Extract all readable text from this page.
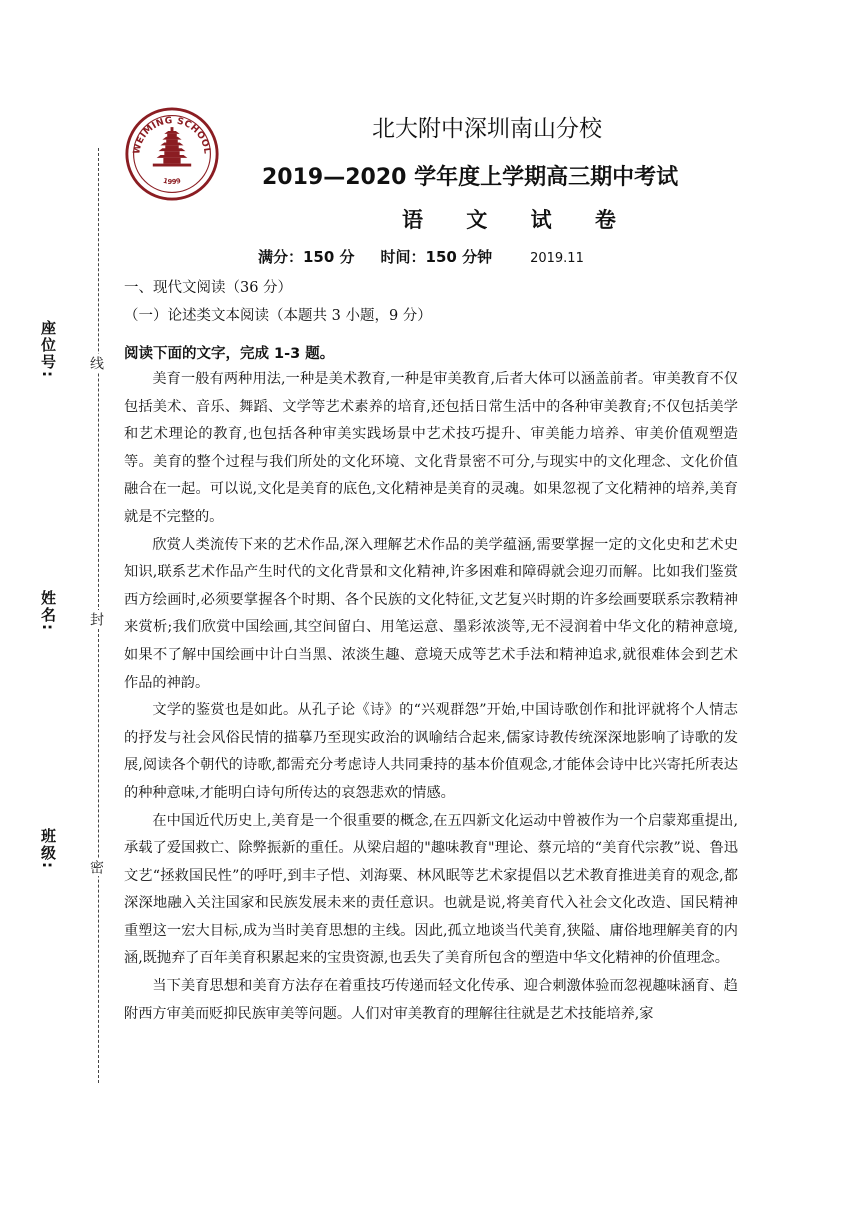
座位号:
姓名:
班级:
线
封
密
WEIMING SCHOOL
1999
北大附中深圳南山分校
2019—2020 学年度上学期高三期中考试
语 文 试 卷
满分：150 分 时间：150 分钟	2019.11
一、现代文阅读（36 分）
（一）论述类文本阅读（本题共 3 小题，9 分）
阅读下面的文字，完成 1-3 题。

美育一般有两种用法,一种是美术教育,一种是审美教育,后者大体可以涵盖前者。审美教育不仅包括美术、音乐、舞蹈、文学等艺术素养的培育,还包括日常生活中的各种审美教育;不仅包括美学和艺术理论的教育,也包括各种审美实践场景中艺术技巧提升、审美能力培养、审美价值观塑造等。美育的整个过程与我们所处的文化环境、文化背景密不可分,与现实中的文化理念、文化价值融合在一起。可以说,文化是美育的底色,文化精神是美育的灵魂。如果忽视了文化精神的培养,美育就是不完整的。

欣赏人类流传下来的艺术作品,深入理解艺术作品的美学蕴涵,需要掌握一定的文化史和艺术史知识,联系艺术作品产生时代的文化背景和文化精神,许多困难和障碍就会迎刃而解。比如我们鉴赏西方绘画时,必须要掌握各个时期、各个民族的文化特征,文艺复兴时期的许多绘画要联系宗教精神来赏析;我们欣赏中国绘画,其空间留白、用笔运意、墨彩浓淡等,无不浸润着中华文化的精神意境,如果不了解中国绘画中计白当黑、浓淡生趣、意境天成等艺术手法和精神追求,就很难体会到艺术作品的神韵。

文学的鉴赏也是如此。从孔子论《诗》的“兴观群怨”开始,中国诗歌创作和批评就将个人情志的抒发与社会风俗民情的描摹乃至现实政治的讽喻结合起来,儒家诗教传统深深地影响了诗歌的发展,阅读各个朝代的诗歌,都需充分考虑诗人共同秉持的基本价值观念,才能体会诗中比兴寄托所表达的种种意味,才能明白诗句所传达的哀怨悲欢的情感。

在中国近代历史上,美育是一个很重要的概念,在五四新文化运动中曾被作为一个启蒙郑重提出,承载了爱国救亡、除弊振新的重任。从梁启超的"趣味教育"理论、蔡元培的“美育代宗教”说、鲁迅文艺“拯救国民性”的呼吁,到丰子恺、刘海粟、林风眠等艺术家提倡以艺术教育推进美育的观念,都深深地融入关注国家和民族发展未来的责任意识。也就是说,将美育代入社会文化改造、国民精神重塑这一宏大目标,成为当时美育思想的主线。因此,孤立地谈当代美育,狭隘、庸俗地理解美育的内涵,既抛弃了百年美育积累起来的宝贵资源,也丢失了美育所包含的塑造中华文化精神的价值理念。

当下美育思想和美育方法存在着重技巧传递而轻文化传承、迎合刺激体验而忽视趣味涵育、趋附西方审美而贬抑民族审美等问题。人们对审美教育的理解往往就是艺术技能培养,家
